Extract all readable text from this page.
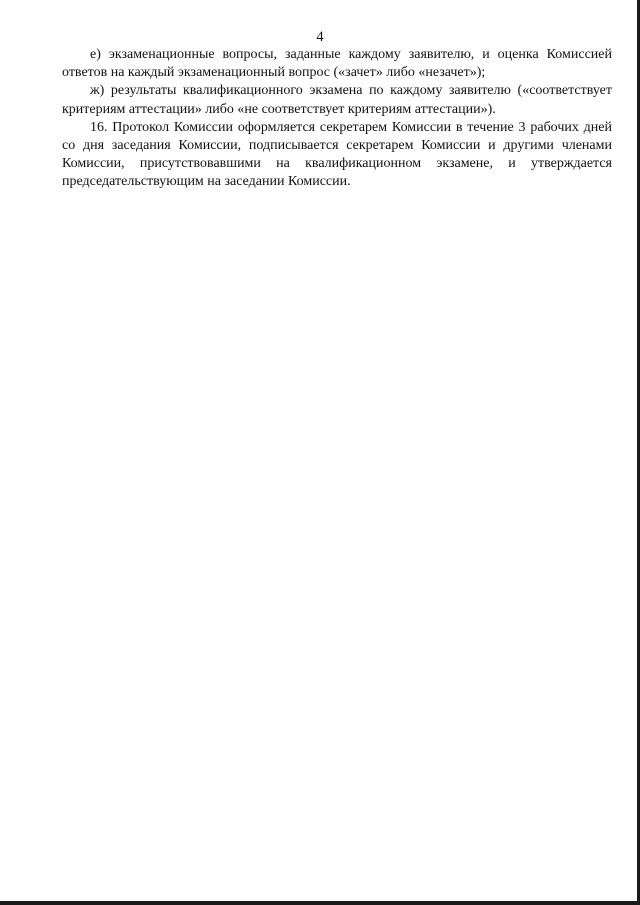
4

е) экзаменационные вопросы, заданные каждому заявителю, и оценка Комиссией ответов на каждый экзаменационный вопрос («зачет» либо «незачет»);

ж) результаты квалификационного экзамена по каждому заявителю («соответствует критериям аттестации» либо «не соответствует критериям аттестации»).

16. Протокол Комиссии оформляется секретарем Комиссии в течение 3 рабочих дней со дня заседания Комиссии, подписывается секретарем Комиссии и другими членами Комиссии, присутствовавшими на квалификационном экзамене, и утверждается председательствующим на заседании Комиссии.
